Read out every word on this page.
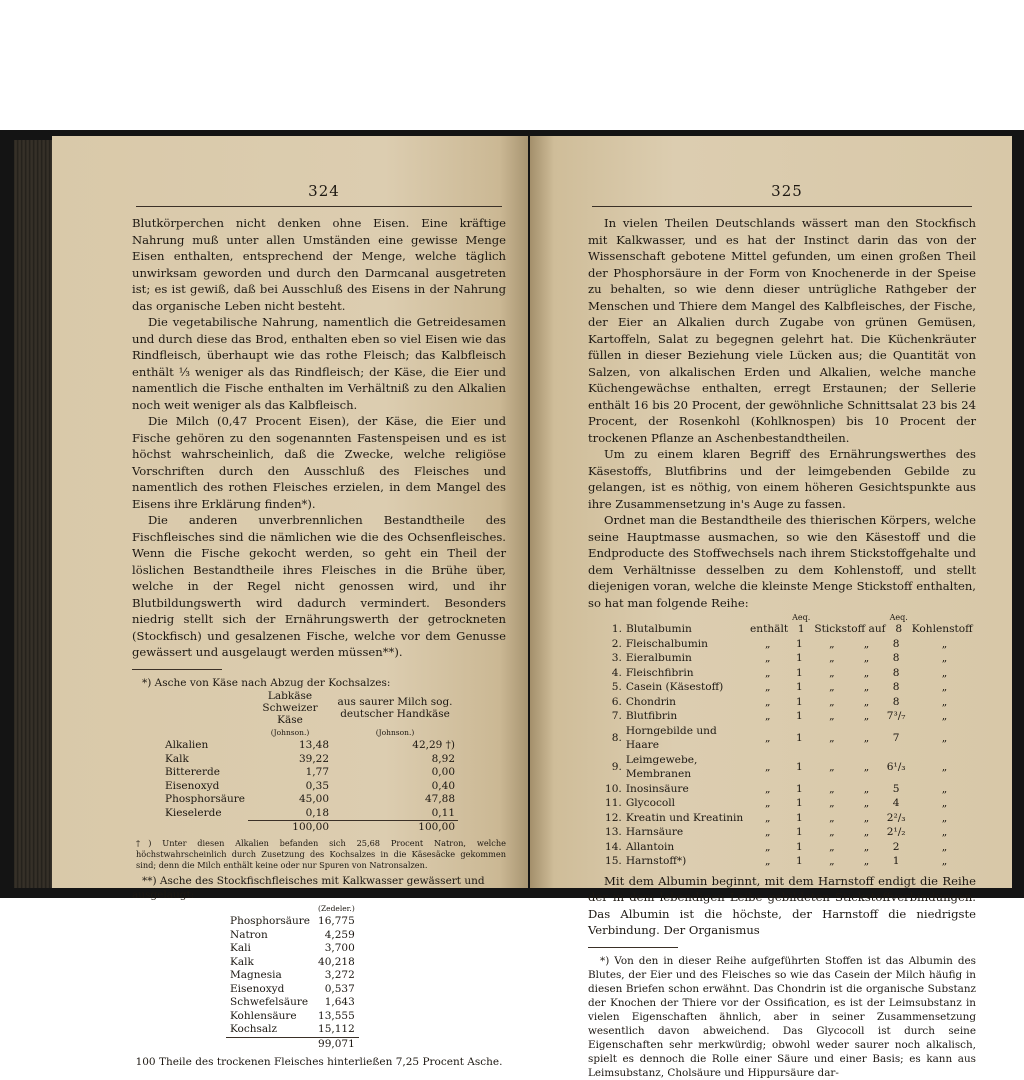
324

Blutkörperchen nicht denken ohne Eisen. Eine kräftige Nahrung muß unter allen Umständen eine gewisse Menge Eisen enthalten, entsprechend der Menge, welche täglich unwirksam geworden und durch den Darmcanal ausgetreten ist; es ist gewiß, daß bei Ausschluß des Eisens in der Nahrung das organische Leben nicht besteht.

Die vegetabilische Nahrung, namentlich die Getreidesamen und durch diese das Brod, enthalten eben so viel Eisen wie das Rindfleisch, überhaupt wie das rothe Fleisch; das Kalbfleisch enthält ⅓ weniger als das Rindfleisch; der Käse, die Eier und namentlich die Fische enthalten im Verhältniß zu den Alkalien noch weit weniger als das Kalbfleisch.

Die Milch (0,47 Procent Eisen), der Käse, die Eier und Fische gehören zu den sogenannten Fastenspeisen und es ist höchst wahrscheinlich, daß die Zwecke, welche religiöse Vorschriften durch den Ausschluß des Fleisches und namentlich des rothen Fleisches erzielen, in dem Mangel des Eisens ihre Erklärung finden*).

Die anderen unverbrennlichen Bestandtheile des Fischfleisches sind die nämlichen wie die des Ochsenfleisches. Wenn die Fische gekocht werden, so geht ein Theil der löslichen Bestandtheile ihres Fleisches in die Brühe über, welche in der Regel nicht genossen wird, und ihr Blutbildungswerth wird dadurch vermindert. Besonders niedrig stellt sich der Ernährungswerth der getrockneten (Stockfisch) und gesalzenen Fische, welche vor dem Genusse gewässert und ausgelaugt werden müssen**).

*) Asche von Käse nach Abzug der Kochsalzes:
	Labkäse Schweizer Käse	aus saurer Milch sog. deutscher Handkäse
	(Johnson.)	(Johnson.)
Alkalien	13,48	42,29 †)
Kalk	39,22	8,92
Bittererde	1,77	0,00
Eisenoxyd	0,35	0,40
Phosphorsäure	45,00	47,88
Kieselerde	0,18	0,11
	100,00	100,00
†) Unter diesen Alkalien befanden sich 25,68 Procent Natron, welche höchstwahrscheinlich durch Zusetzung des Kochsalzes in die Käsesäcke gekommen sind; denn die Milch enthält keine oder nur Spuren von Natronsalzen.
**) Asche des Stockfischfleisches mit Kalkwasser gewässert und ausgelaugt:
	(Zedeler.)
Phosphorsäure	16,775
Natron	4,259
Kali	3,700
Kalk	40,218
Magnesia	3,272
Eisenoxyd	0,537
Schwefelsäure	1,643
Kohlensäure	13,555
Kochsalz	15,112
	99,071
100 Theile des trockenen Fleisches hinterließen 7,25 Procent Asche.
325

In vielen Theilen Deutschlands wässert man den Stockfisch mit Kalkwasser, und es hat der Instinct darin das von der Wissenschaft gebotene Mittel gefunden, um einen großen Theil der Phosphorsäure in der Form von Knochenerde in der Speise zu behalten, so wie denn dieser untrügliche Rathgeber der Menschen und Thiere dem Mangel des Kalbfleisches, der Fische, der Eier an Alkalien durch Zugabe von grünen Gemüsen, Kartoffeln, Salat zu begegnen gelehrt hat. Die Küchenkräuter füllen in dieser Beziehung viele Lücken aus; die Quantität von Salzen, von alkalischen Erden und Alkalien, welche manche Küchengewächse enthalten, erregt Erstaunen; der Sellerie enthält 16 bis 20 Procent, der gewöhnliche Schnittsalat 23 bis 24 Procent, der Rosenkohl (Kohlknospen) bis 10 Procent der trockenen Pflanze an Aschenbestandtheilen.

Um zu einem klaren Begriff des Ernährungswerthes des Käsestoffs, Blutfibrins und der leimgebenden Gebilde zu gelangen, ist es nöthig, von einem höheren Gesichtspunkte aus ihre Zusammensetzung in's Auge zu fassen.

Ordnet man die Bestandtheile des thierischen Körpers, welche seine Hauptmasse ausmachen, so wie den Käsestoff und die Endproducte des Stoffwechsels nach ihrem Stickstoffgehalte und dem Verhältnisse desselben zu dem Kohlenstoff, und stellt diejenigen voran, welche die kleinste Menge Stickstoff enthalten, so hat man folgende Reihe:

			Aeq.			Aeq.	
1.	Blutalbumin	enthält	1	Stickstoff auf		8	Kohlenstoff
2.	Fleischalbumin	„	1	„	„	8	„
3.	Eieralbumin	„	1	„	„	8	„
4.	Fleischfibrin	„	1	„	„	8	„
5.	Casein (Käsestoff)	„	1	„	„	8	„
6.	Chondrin	„	1	„	„	8	„
7.	Blutfibrin	„	1	„	„	7³/₇	„
8.	Horngebilde und Haare	„	1	„	„	7	„
9.	Leimgewebe, Membranen	„	1	„	„	6¹/₃	„
10.	Inosinsäure	„	1	„	„	5	„
11.	Glycocoll	„	1	„	„	4	„
12.	Kreatin und Kreatinin	„	1	„	„	2²/₃	„
13.	Harnsäure	„	1	„	„	2¹/₂	„
14.	Allantoin	„	1	„	„	2	„
15.	Harnstoff*)	„	1	„	„	1	„

Mit dem Albumin beginnt, mit dem Harnstoff endigt die Reihe der in dem lebendigen Leibe gebildeten Stickstoffverbindungen. Das Albumin ist die höchste, der Harnstoff die niedrigste Verbindung. Der Organismus

*) Von den in dieser Reihe aufgeführten Stoffen ist das Albumin des Blutes, der Eier und des Fleisches so wie das Casein der Milch häufig in diesen Briefen schon erwähnt. Das Chondrin ist die organische Substanz der Knochen der Thiere vor der Ossification, es ist der Leimsubstanz in vielen Eigenschaften ähnlich, aber in seiner Zusammensetzung wesentlich davon abweichend. Das Glycocoll ist durch seine Eigenschaften sehr merkwürdig; obwohl weder saurer noch alkalisch, spielt es dennoch die Rolle einer Säure und einer Basis; es kann aus Leimsubstanz, Cholsäure und Hippursäure dar-
